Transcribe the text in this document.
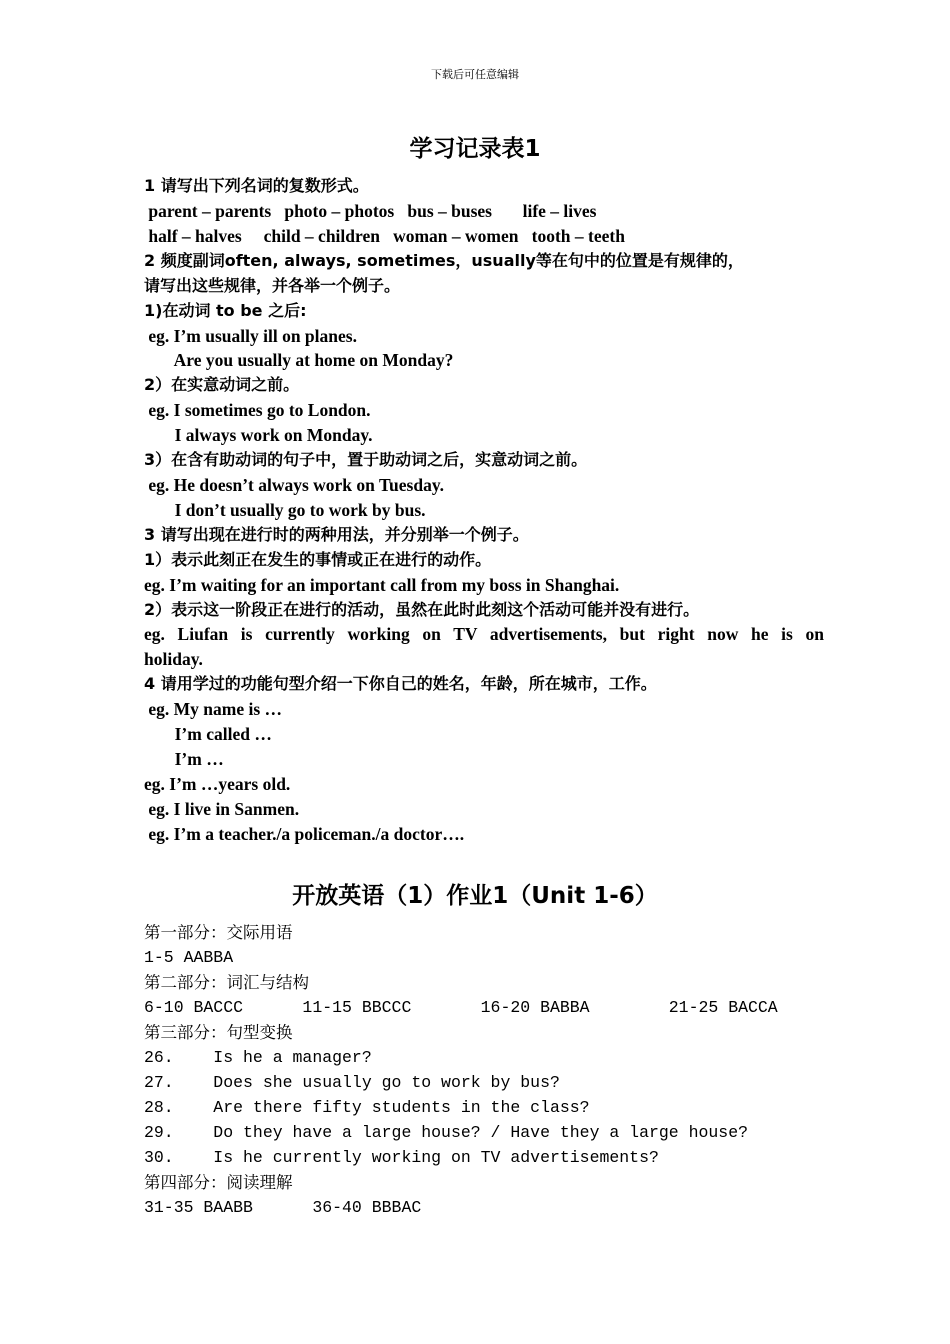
下载后可任意编辑
学习记录表1
1 请写出下列名词的复数形式。
parent – parents   photo – photos   bus – buses       life – lives
half – halves     child – children   woman – women   tooth – teeth
2 频度副词often, always, sometimes，usually等在句中的位置是有规律的，
请写出这些规律，并各举一个例子。
1)在动词 to be 之后:
eg. I’m usually ill on planes.
Are you usually at home on Monday?
2）在实意动词之前。
eg. I sometimes go to London.
I always work on Monday.
3）在含有助动词的句子中，置于助动词之后，实意动词之前。
eg. He doesn’t always work on Tuesday.
I don’t usually go to work by bus.
3 请写出现在进行时的两种用法，并分别举一个例子。
1）表示此刻正在发生的事情或正在进行的动作。
eg. I’m waiting for an important call from my boss in Shanghai.
2）表示这一阶段正在进行的活动，虽然在此时此刻这个活动可能并没有进行。
eg. Liufan is currently working on TV advertisements, but right now he is on
holiday.
4 请用学过的功能句型介绍一下你自己的姓名，年龄，所在城市，工作。
eg. My name is …
I’m called …
I’m …
eg. I’m …years old.
eg. I live in Sanmen.
eg. I’m a teacher./a policeman./a doctor….
开放英语（1）作业1（Unit 1-6）
第一部分：交际用语
1-5 AABBA
第二部分：词汇与结构
6-10 BACCC      11-15 BBCCC       16-20 BABBA        21-25 BACCA
第三部分：句型变换
26.    Is he a manager?
27.    Does she usually go to work by bus?
28.    Are there fifty students in the class?
29.    Do they have a large house? / Have they a large house?
30.    Is he currently working on TV advertisements?
第四部分：阅读理解
31-35 BAABB      36-40 BBBAC
